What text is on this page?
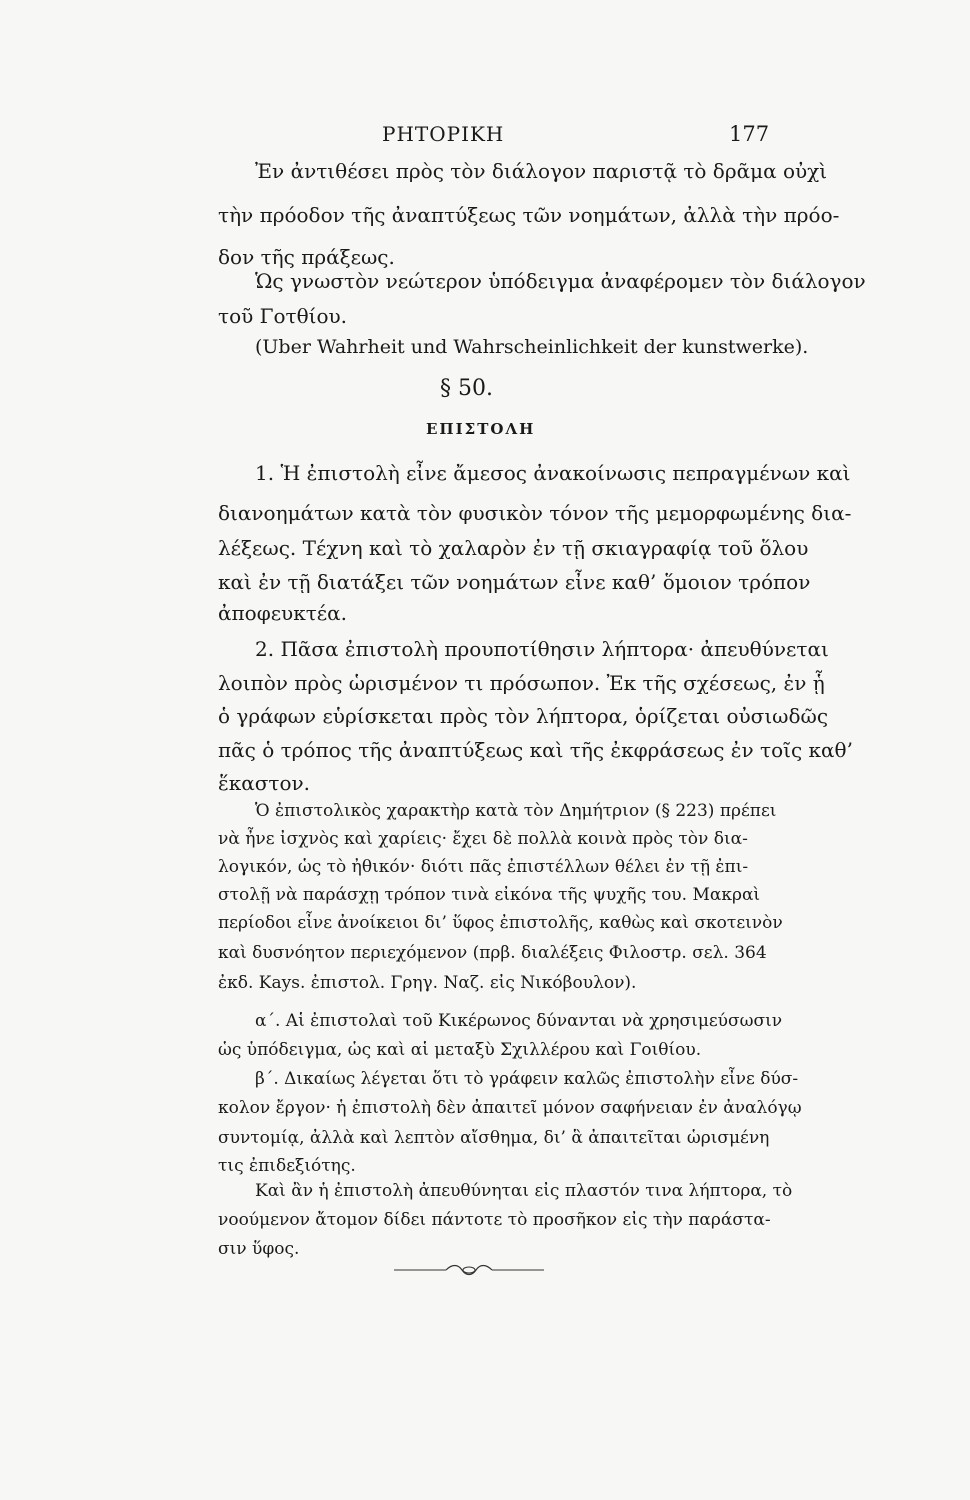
ΡΗΤΟΡΙΚΗ	177
Ἐν ἀντιθέσει πρὸς τὸν διάλογον παριστᾷ τὸ δρᾶμα οὐχὶ
τὴν πρόοδον τῆς ἀναπτύξεως τῶν νοημάτων, ἀλλὰ τὴν πρόο-
δον τῆς πράξεως.
Ὡς γνωστὸν νεώτερον ὑπόδειγμα ἀναφέρομεν τὸν διάλογον
τοῦ Γοτθίου.
(Uber Wahrheit und Wahrscheinlichkeit der kunstwerke).
§ 50.
ΕΠΙΣΤΟΛΗ
1. Ἡ ἐπιστολὴ εἶνε ἄμεσος ἀνακοίνωσις πεπραγμένων καὶ
διανοημάτων κατὰ τὸν φυσικὸν τόνον τῆς μεμορφωμένης δια-
λέξεως. Τέχνη καὶ τὸ χαλαρὸν ἐν τῇ σκιαγραφίᾳ τοῦ ὅλου
καὶ ἐν τῇ διατάξει τῶν νοημάτων εἶνε καθ’ ὅμοιον τρόπον
ἀποφευκτέα.
2. Πᾶσα ἐπιστολὴ προυποτίθησιν λήπτορα· ἀπευθύνεται
λοιπὸν πρὸς ὡρισμένον τι πρόσωπον. Ἐκ τῆς σχέσεως, ἐν ᾗ
ὁ γράφων εὑρίσκεται πρὸς τὸν λήπτορα, ὁρίζεται οὐσιωδῶς
πᾶς ὁ τρόπος τῆς ἀναπτύξεως καὶ τῆς ἐκφράσεως ἐν τοῖς καθ’
ἕκαστον.
Ὁ ἐπιστολικὸς χαρακτὴρ κατὰ τὸν Δημήτριον (§ 223) πρέπει
νὰ ἦνε ἰσχνὸς καὶ χαρίεις· ἔχει δὲ πολλὰ κοινὰ πρὸς τὸν δια-
λογικόν, ὡς τὸ ἠθικόν· διότι πᾶς ἐπιστέλλων θέλει ἐν τῇ ἐπι-
στολῇ νὰ παράσχῃ τρόπον τινὰ εἰκόνα τῆς ψυχῆς του. Μακραὶ
περίοδοι εἶνε ἀνοίκειοι δι’ ὕφος ἐπιστολῆς, καθὼς καὶ σκοτεινὸν
καὶ δυσνόητον περιεχόμενον (πρβ. διαλέξεις Φιλοστρ. σελ. 364
ἐκδ. Kays. ἐπιστολ. Γρηγ. Ναζ. εἰς Νικόβουλον).
α΄. Αἱ ἐπιστολαὶ τοῦ Κικέρωνος δύνανται νὰ χρησιμεύσωσιν
ὡς ὑπόδειγμα, ὡς καὶ αἱ μεταξὺ Σχιλλέρου καὶ Γοιθίου.
β΄. Δικαίως λέγεται ὅτι τὸ γράφειν καλῶς ἐπιστολὴν εἶνε δύσ-
κολον ἔργον· ἡ ἐπιστολὴ δὲν ἀπαιτεῖ μόνον σαφήνειαν ἐν ἀναλόγῳ
συντομίᾳ, ἀλλὰ καὶ λεπτὸν αἴσθημα, δι’ ἃ ἀπαιτεῖται ὡρισμένη
τις ἐπιδεξιότης.
Καὶ ἂν ἡ ἐπιστολὴ ἀπευθύνηται εἰς πλαστόν τινα λήπτορα, τὸ
νοούμενον ἄτομον δίδει πάντοτε τὸ προσῆκον εἰς τὴν παράστα-
σιν ὕφος.
